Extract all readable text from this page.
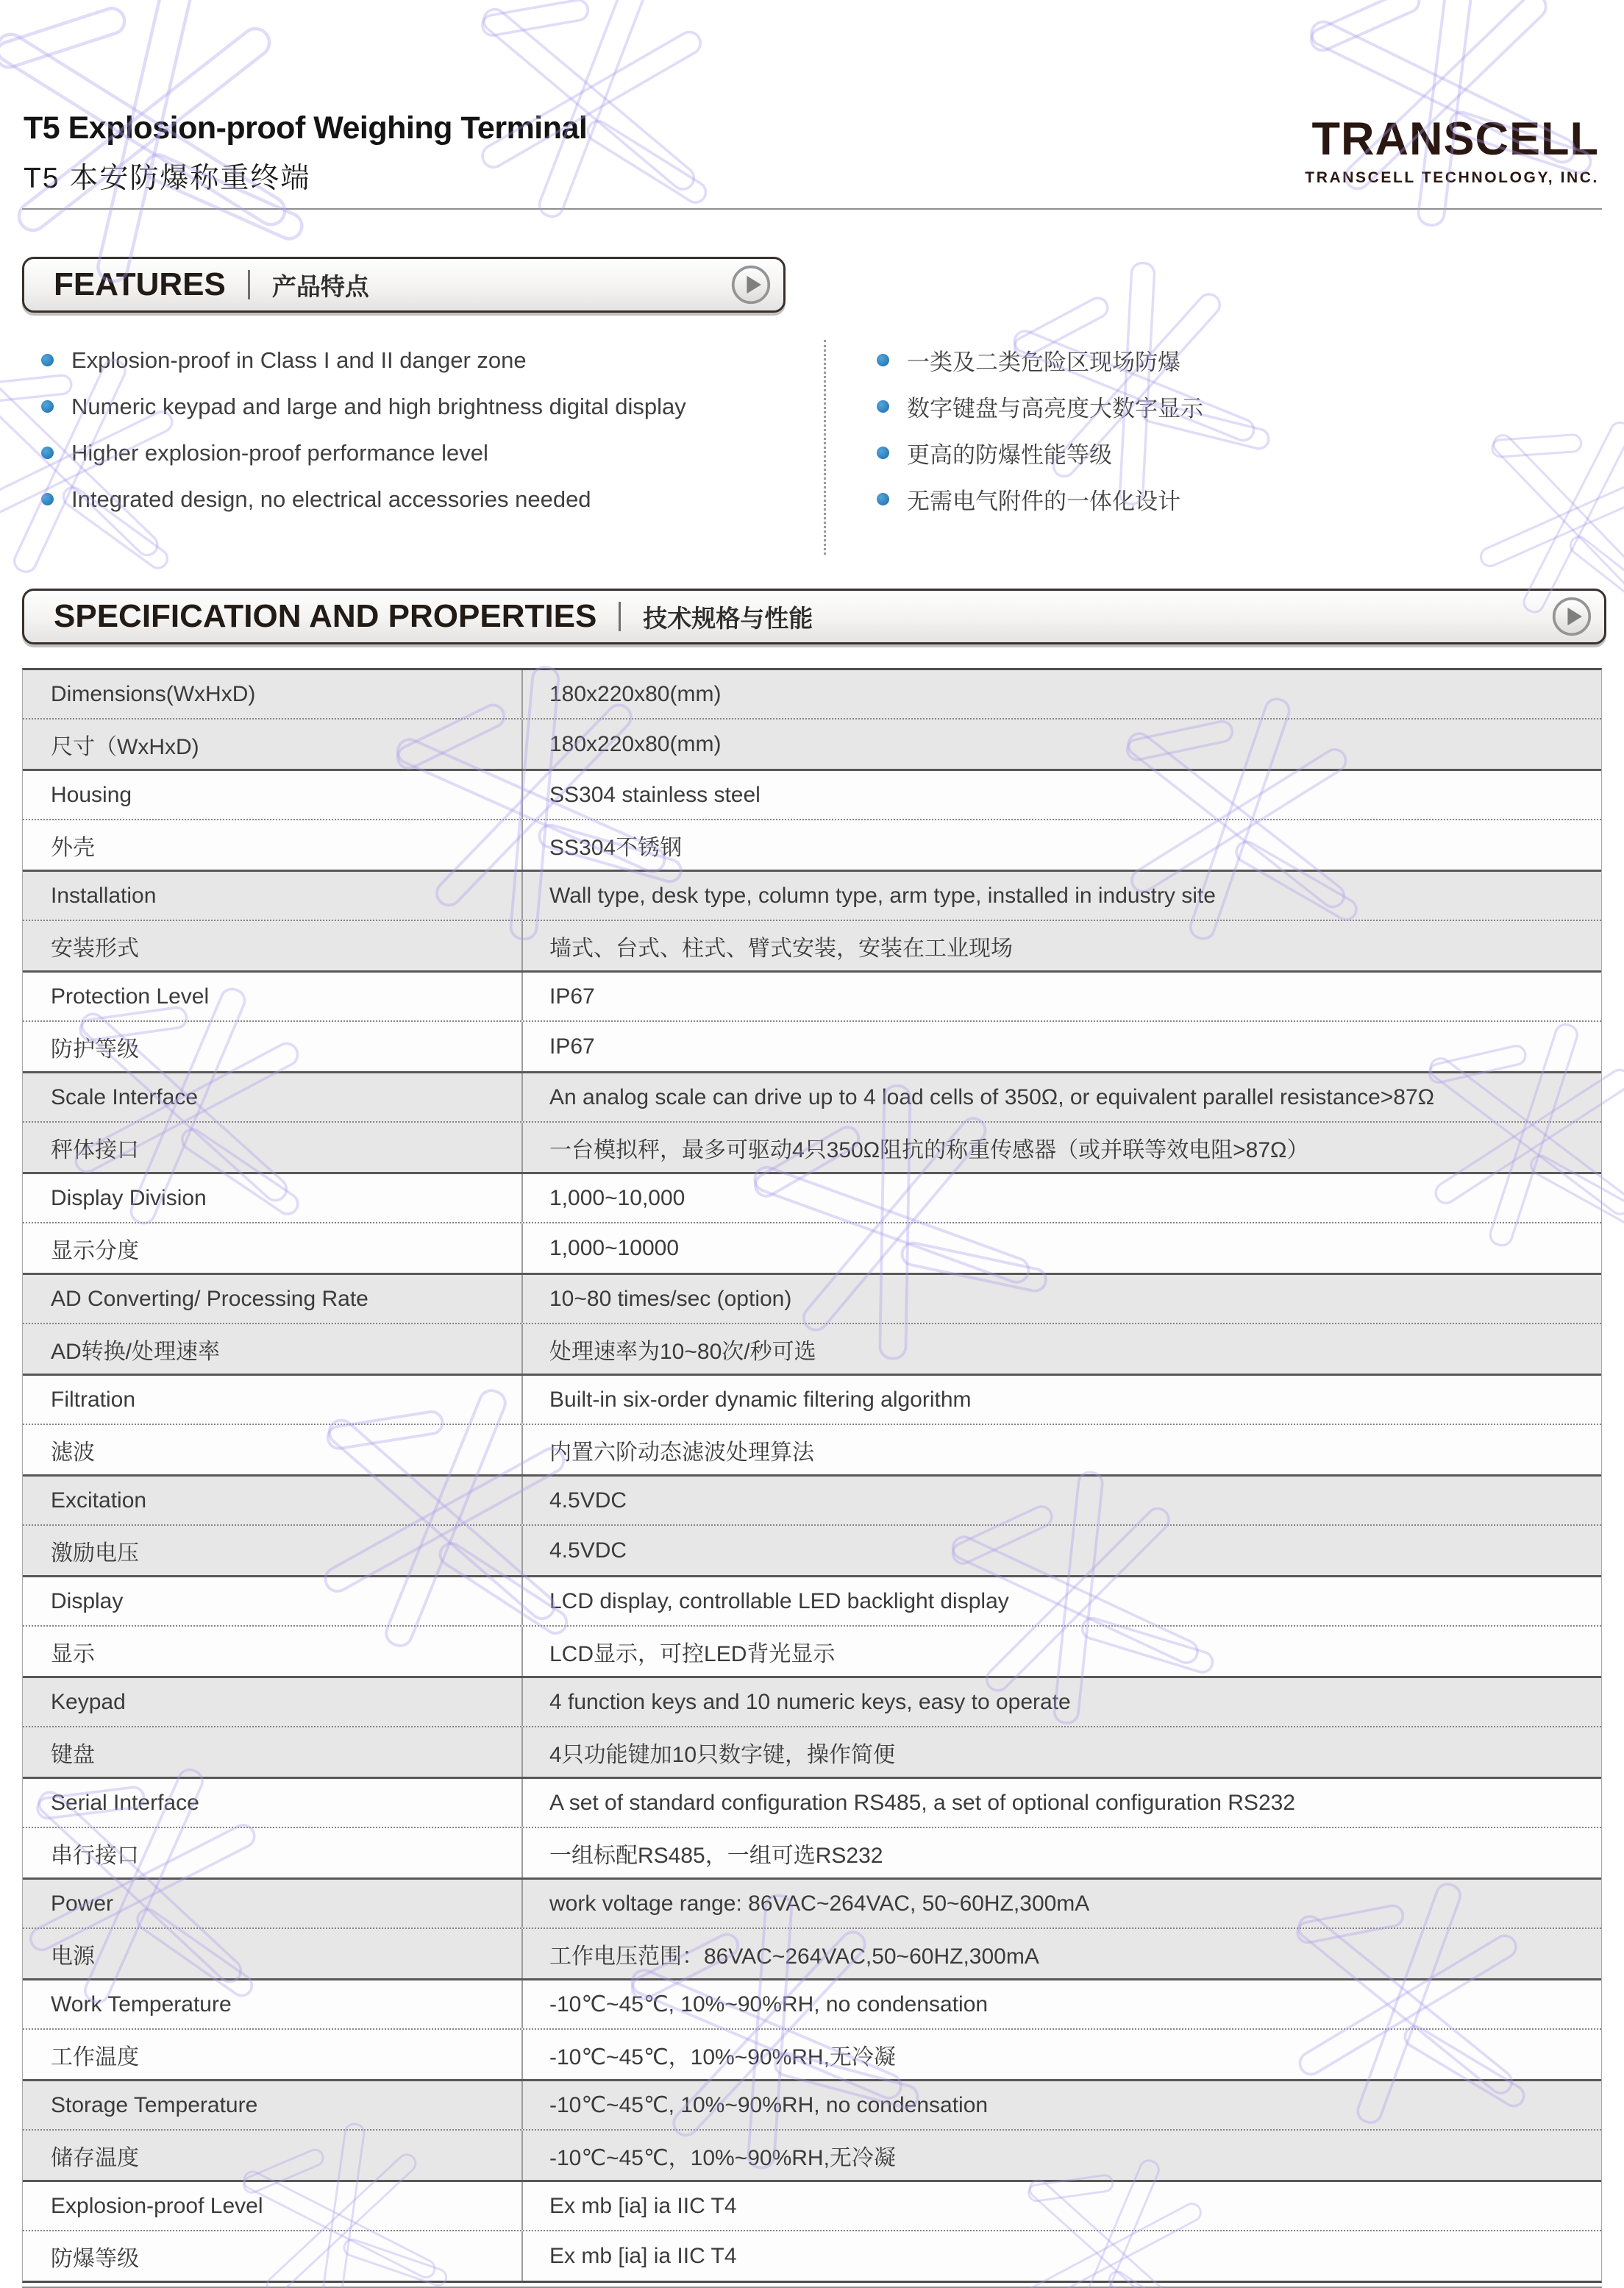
T5 Explosion-proof Weighing Terminal
T5 本安防爆称重终端
TRANSCELL
TRANSCELL TECHNOLOGY, INC.
FEATURES 产品特点
Explosion-proof in Class I and II danger zone
Numeric keypad and large and high brightness digital display
Higher explosion-proof performance level
Integrated design, no electrical accessories needed
一类及二类危险区现场防爆
数字键盘与高亮度大数字显示
更高的防爆性能等级
无需电气附件的一体化设计
SPECIFICATION AND PROPERTIES 技术规格与性能
Dimensions(WxHxD)	180x220x80(mm)
尺寸（WxHxD)	180x220x80(mm)
Housing	SS304 stainless steel
外壳	SS304不锈钢
Installation	Wall type, desk type, column type, arm type, installed in industry site
安装形式	墙式、台式、柱式、臂式安装，安装在工业现场
Protection Level	IP67
防护等级	IP67
Scale Interface	An analog scale can drive up to 4 load cells of 350Ω, or equivalent parallel resistance>87Ω
秤体接口	一台模拟秤，最多可驱动4只350Ω阻抗的称重传感器（或并联等效电阻>87Ω）
Display Division	1,000~10,000
显示分度	1,000~10000
AD Converting/ Processing Rate	10~80 times/sec (option)
AD转换/处理速率	处理速率为10~80次/秒可选
Filtration	Built-in six-order dynamic filtering algorithm
滤波	内置六阶动态滤波处理算法
Excitation	4.5VDC
激励电压	4.5VDC
Display	LCD display, controllable LED backlight display
显示	LCD显示，可控LED背光显示
Keypad	4 function keys and 10 numeric keys, easy to operate
键盘	4只功能键加10只数字键，操作简便
Serial Interface	A set of standard configuration RS485, a set of optional configuration RS232
串行接口	一组标配RS485，一组可选RS232
Power	work voltage range: 86VAC~264VAC, 50~60HZ,300mA
电源	工作电压范围：86VAC~264VAC,50~60HZ,300mA
Work Temperature	-10℃~45℃, 10%~90%RH, no condensation
工作温度	-10℃~45℃，10%~90%RH,无冷凝
Storage Temperature	-10℃~45℃, 10%~90%RH, no condensation
储存温度	-10℃~45℃，10%~90%RH,无冷凝
Explosion-proof Level	Ex mb [ia] ia IIC T4
防爆等级	Ex mb [ia] ia IIC T4
